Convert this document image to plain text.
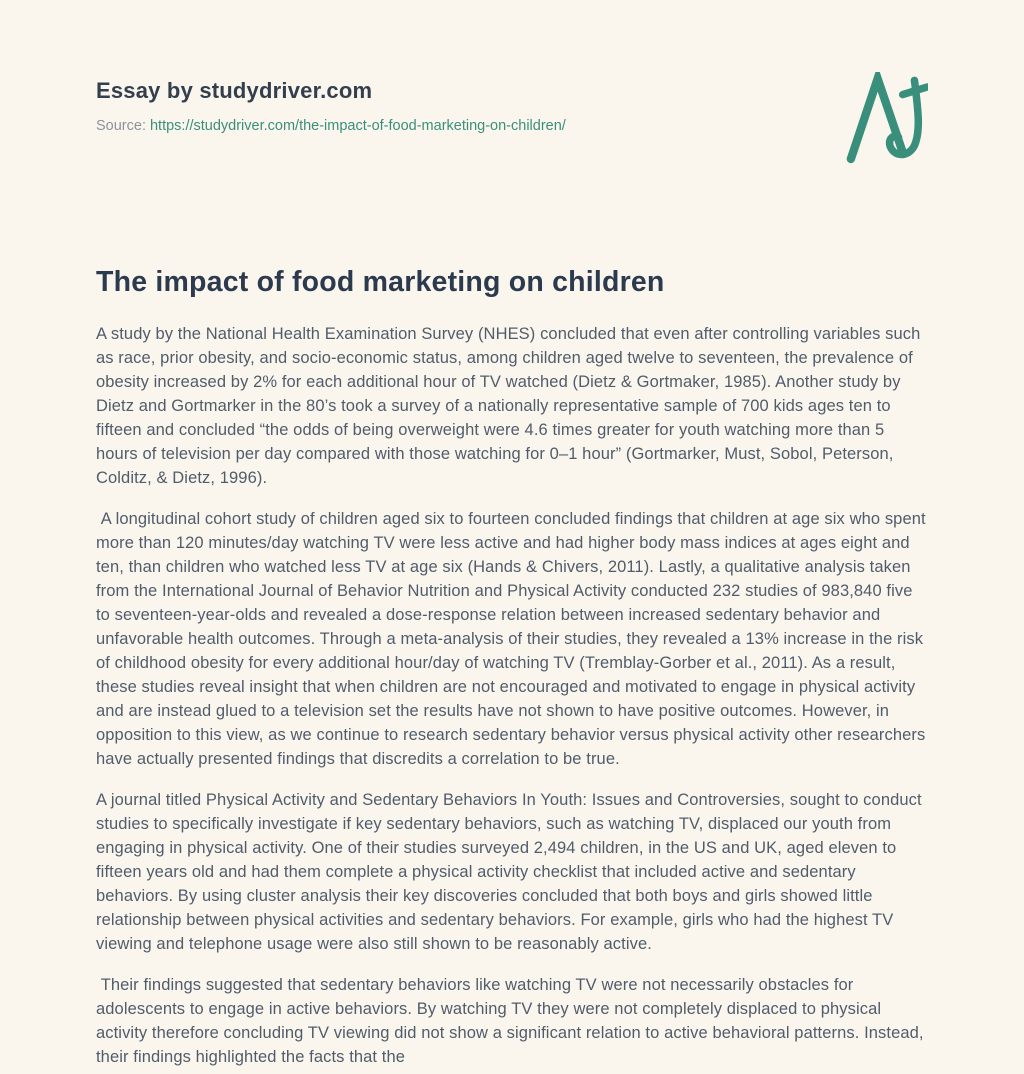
Essay by studydriver.com

Source: https://studydriver.com/the-impact-of-food-marketing-on-children/

The impact of food marketing on children

A study by the National Health Examination Survey (NHES) concluded that even after controlling variables such as race, prior obesity, and socio-economic status, among children aged twelve to seventeen, the prevalence of obesity increased by 2% for each additional hour of TV watched (Dietz & Gortmaker, 1985). Another study by Dietz and Gortmarker in the 80’s took a survey of a nationally representative sample of 700 kids ages ten to fifteen and concluded “the odds of being overweight were 4.6 times greater for youth watching more than 5 hours of television per day compared with those watching for 0–1 hour” (Gortmarker, Must, Sobol, Peterson, Colditz, & Dietz, 1996).

A longitudinal cohort study of children aged six to fourteen concluded findings that children at age six who spent more than 120 minutes/day watching TV were less active and had higher body mass indices at ages eight and ten, than children who watched less TV at age six (Hands & Chivers, 2011). Lastly, a qualitative analysis taken from the International Journal of Behavior Nutrition and Physical Activity conducted 232 studies of 983,840 five to seventeen-year-olds and revealed a dose-response relation between increased sedentary behavior and unfavorable health outcomes. Through a meta-analysis of their studies, they revealed a 13% increase in the risk of childhood obesity for every additional hour/day of watching TV (Tremblay-Gorber et al., 2011). As a result, these studies reveal insight that when children are not encouraged and motivated to engage in physical activity and are instead glued to a television set the results have not shown to have positive outcomes. However, in opposition to this view, as we continue to research sedentary behavior versus physical activity other researchers have actually presented findings that discredits a correlation to be true.

A journal titled Physical Activity and Sedentary Behaviors In Youth: Issues and Controversies, sought to conduct studies to specifically investigate if key sedentary behaviors, such as watching TV, displaced our youth from engaging in physical activity. One of their studies surveyed 2,494 children, in the US and UK, aged eleven to fifteen years old and had them complete a physical activity checklist that included active and sedentary behaviors. By using cluster analysis their key discoveries concluded that both boys and girls showed little relationship between physical activities and sedentary behaviors. For example, girls who had the highest TV viewing and telephone usage were also still shown to be reasonably active.

Their findings suggested that sedentary behaviors like watching TV were not necessarily obstacles for adolescents to engage in active behaviors. By watching TV they were not completely displaced to physical activity therefore concluding TV viewing did not show a significant relation to active behavioral patterns. Instead, their findings highlighted the facts that the
